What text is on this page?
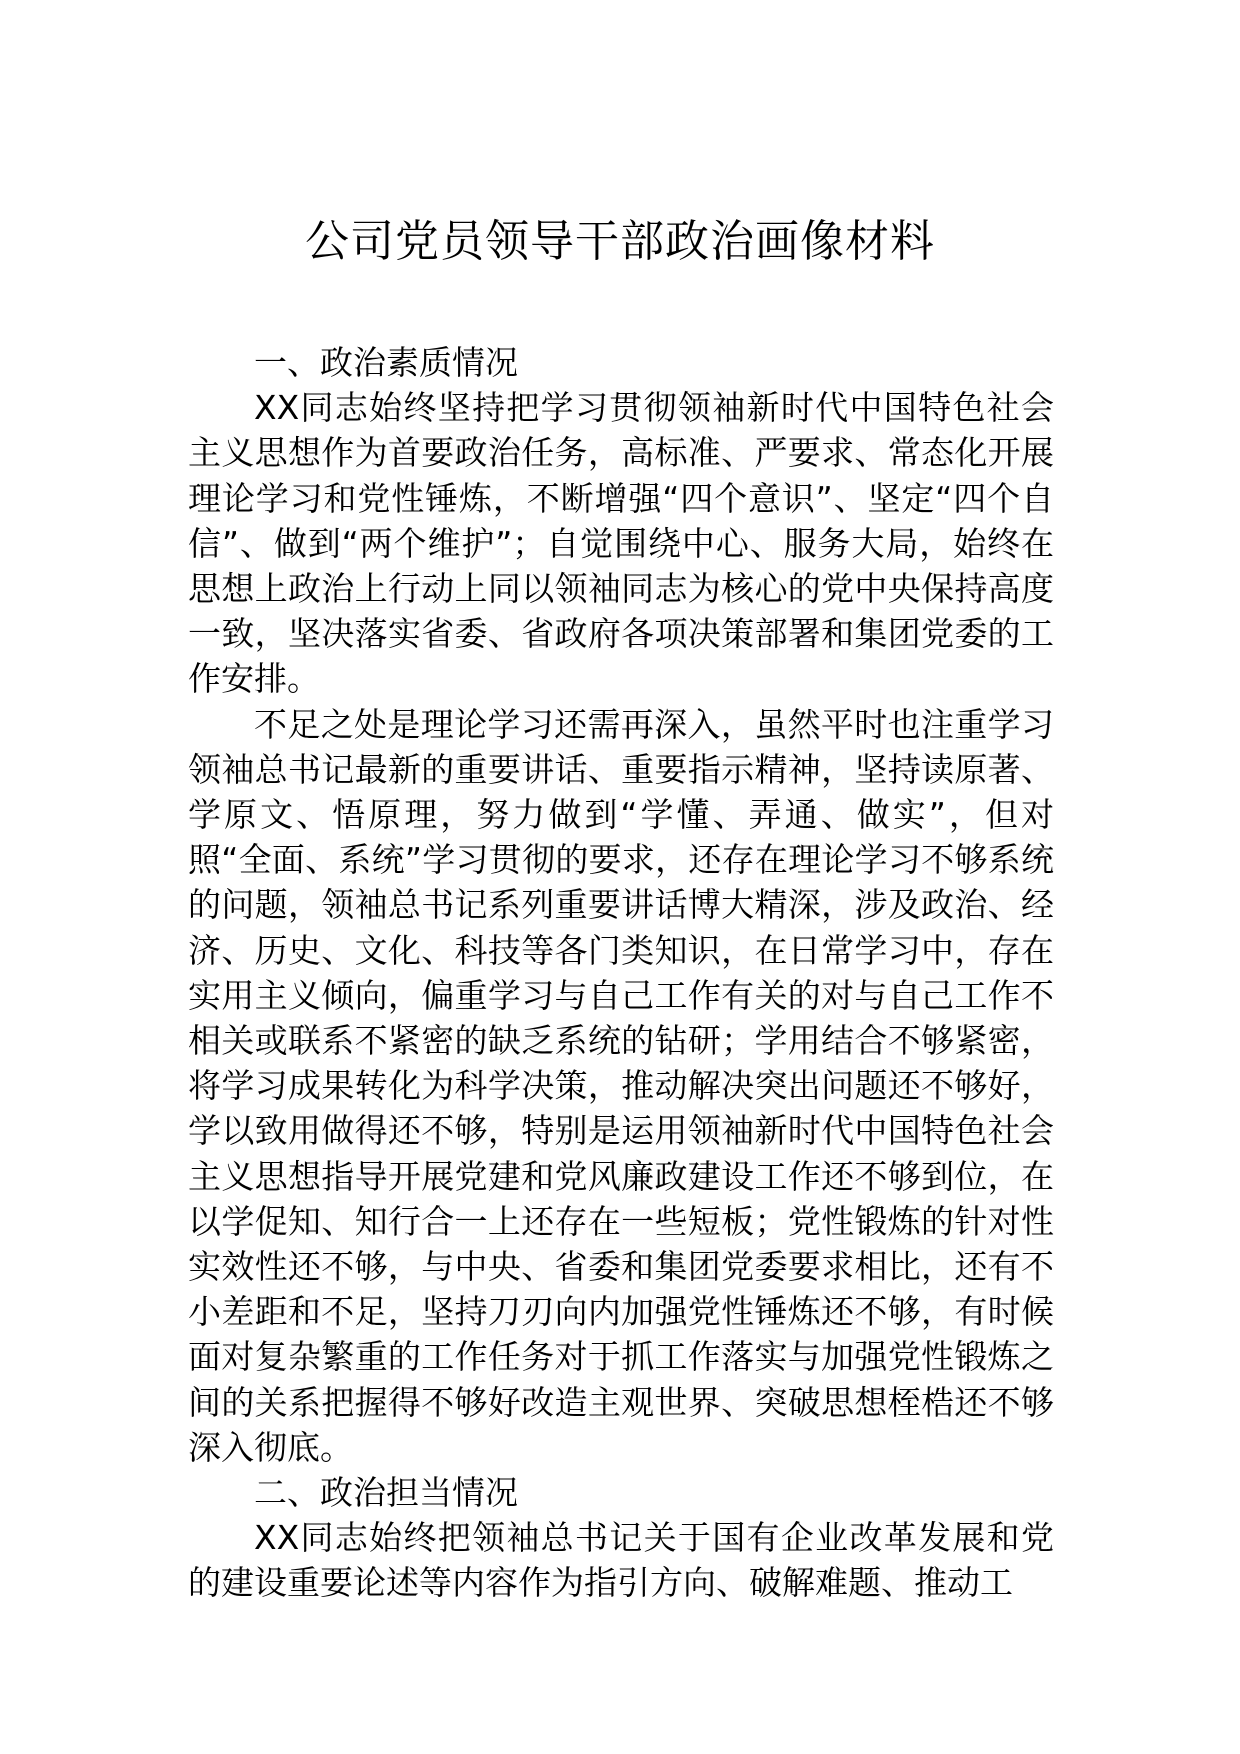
公司党员领导干部政治画像材料

一、政治素质情况

XX同志始终坚持把学习贯彻领袖新时代中国特色社会主义思想作为首要政治任务，高标准、严要求、常态化开展理论学习和党性锤炼，不断增强“四个意识”、坚定“四个自信”、做到“两个维护”；自觉围绕中心、服务大局，始终在思想上政治上行动上同以领袖同志为核心的党中央保持高度一致，坚决落实省委、省政府各项决策部署和集团党委的工作安排。

不足之处是理论学习还需再深入，虽然平时也注重学习领袖总书记最新的重要讲话、重要指示精神，坚持读原著、学原文、悟原理，努力做到“学懂、弄通、做实”，但对照“全面、系统”学习贯彻的要求，还存在理论学习不够系统的问题，领袖总书记系列重要讲话博大精深，涉及政治、经济、历史、文化、科技等各门类知识，在日常学习中，存在实用主义倾向，偏重学习与自己工作有关的对与自己工作不相关或联系不紧密的缺乏系统的钻研；学用结合不够紧密，将学习成果转化为科学决策，推动解决突出问题还不够好，学以致用做得还不够，特别是运用领袖新时代中国特色社会主义思想指导开展党建和党风廉政建设工作还不够到位，在以学促知、知行合一上还存在一些短板；党性锻炼的针对性实效性还不够，与中央、省委和集团党委要求相比，还有不小差距和不足，坚持刀刃向内加强党性锤炼还不够，有时候面对复杂繁重的工作任务对于抓工作落实与加强党性锻炼之间的关系把握得不够好改造主观世界、突破思想桎梏还不够深入彻底。

二、政治担当情况

XX同志始终把领袖总书记关于国有企业改革发展和党的建设重要论述等内容作为指引方向、破解难题、推动工
